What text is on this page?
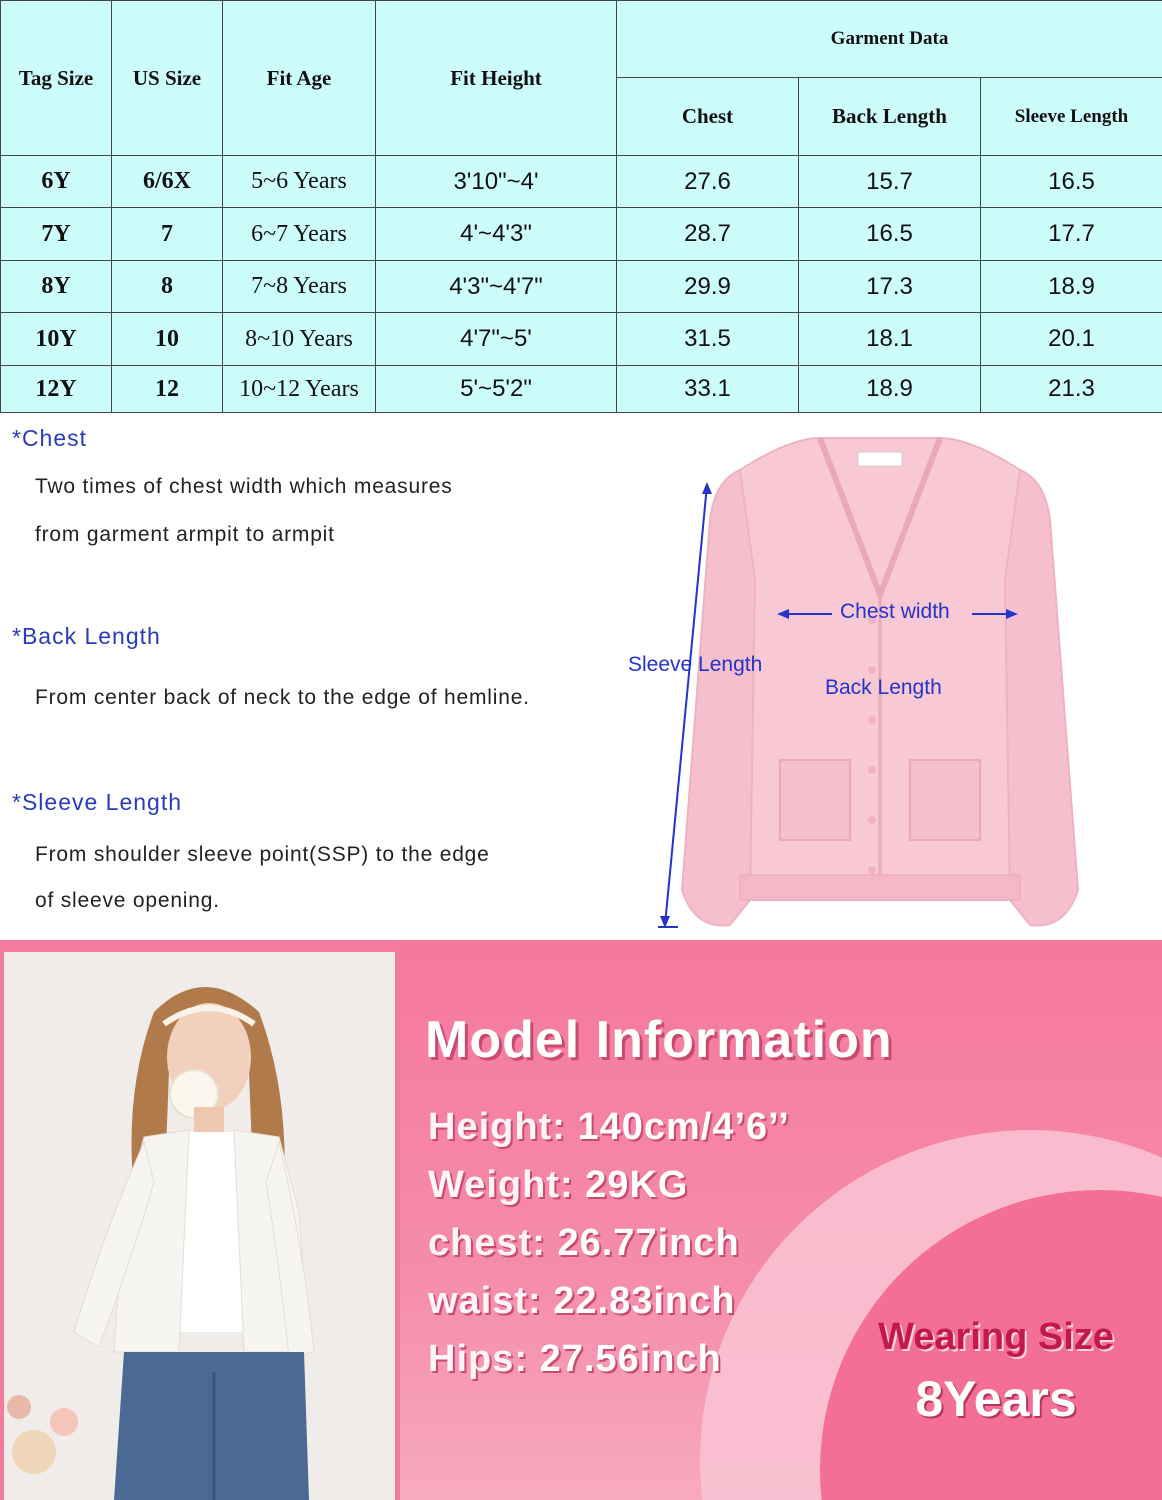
Tag Size	US Size	Fit Age	Fit Height	Garment Data		
				Chest	Back Length	Sleeve Length
6Y	6/6X	5~6 Years	3'10"~4'	27.6	15.7	16.5
7Y	7	6~7 Years	4'~4'3"	28.7	16.5	17.7
8Y	8	7~8 Years	4'3"~4'7"	29.9	17.3	18.9
10Y	10	8~10 Years	4'7"~5'	31.5	18.1	20.1
12Y	12	10~12 Years	5'~5'2"	33.1	18.9	21.3
*Chest
Two times of chest width which measures
from garment armpit to armpit
*Back Length
From center back of neck to the edge of hemline.
*Sleeve Length
From shoulder sleeve point(SSP) to the edge
of sleeve opening.
Chest width
Sleeve Length
Back Length
Model Information
Height: 140cm/4’6’’
Weight: 29KG
chest: 26.77inch
waist: 22.83inch
Hips: 27.56inch
Wearing Size
8Years
